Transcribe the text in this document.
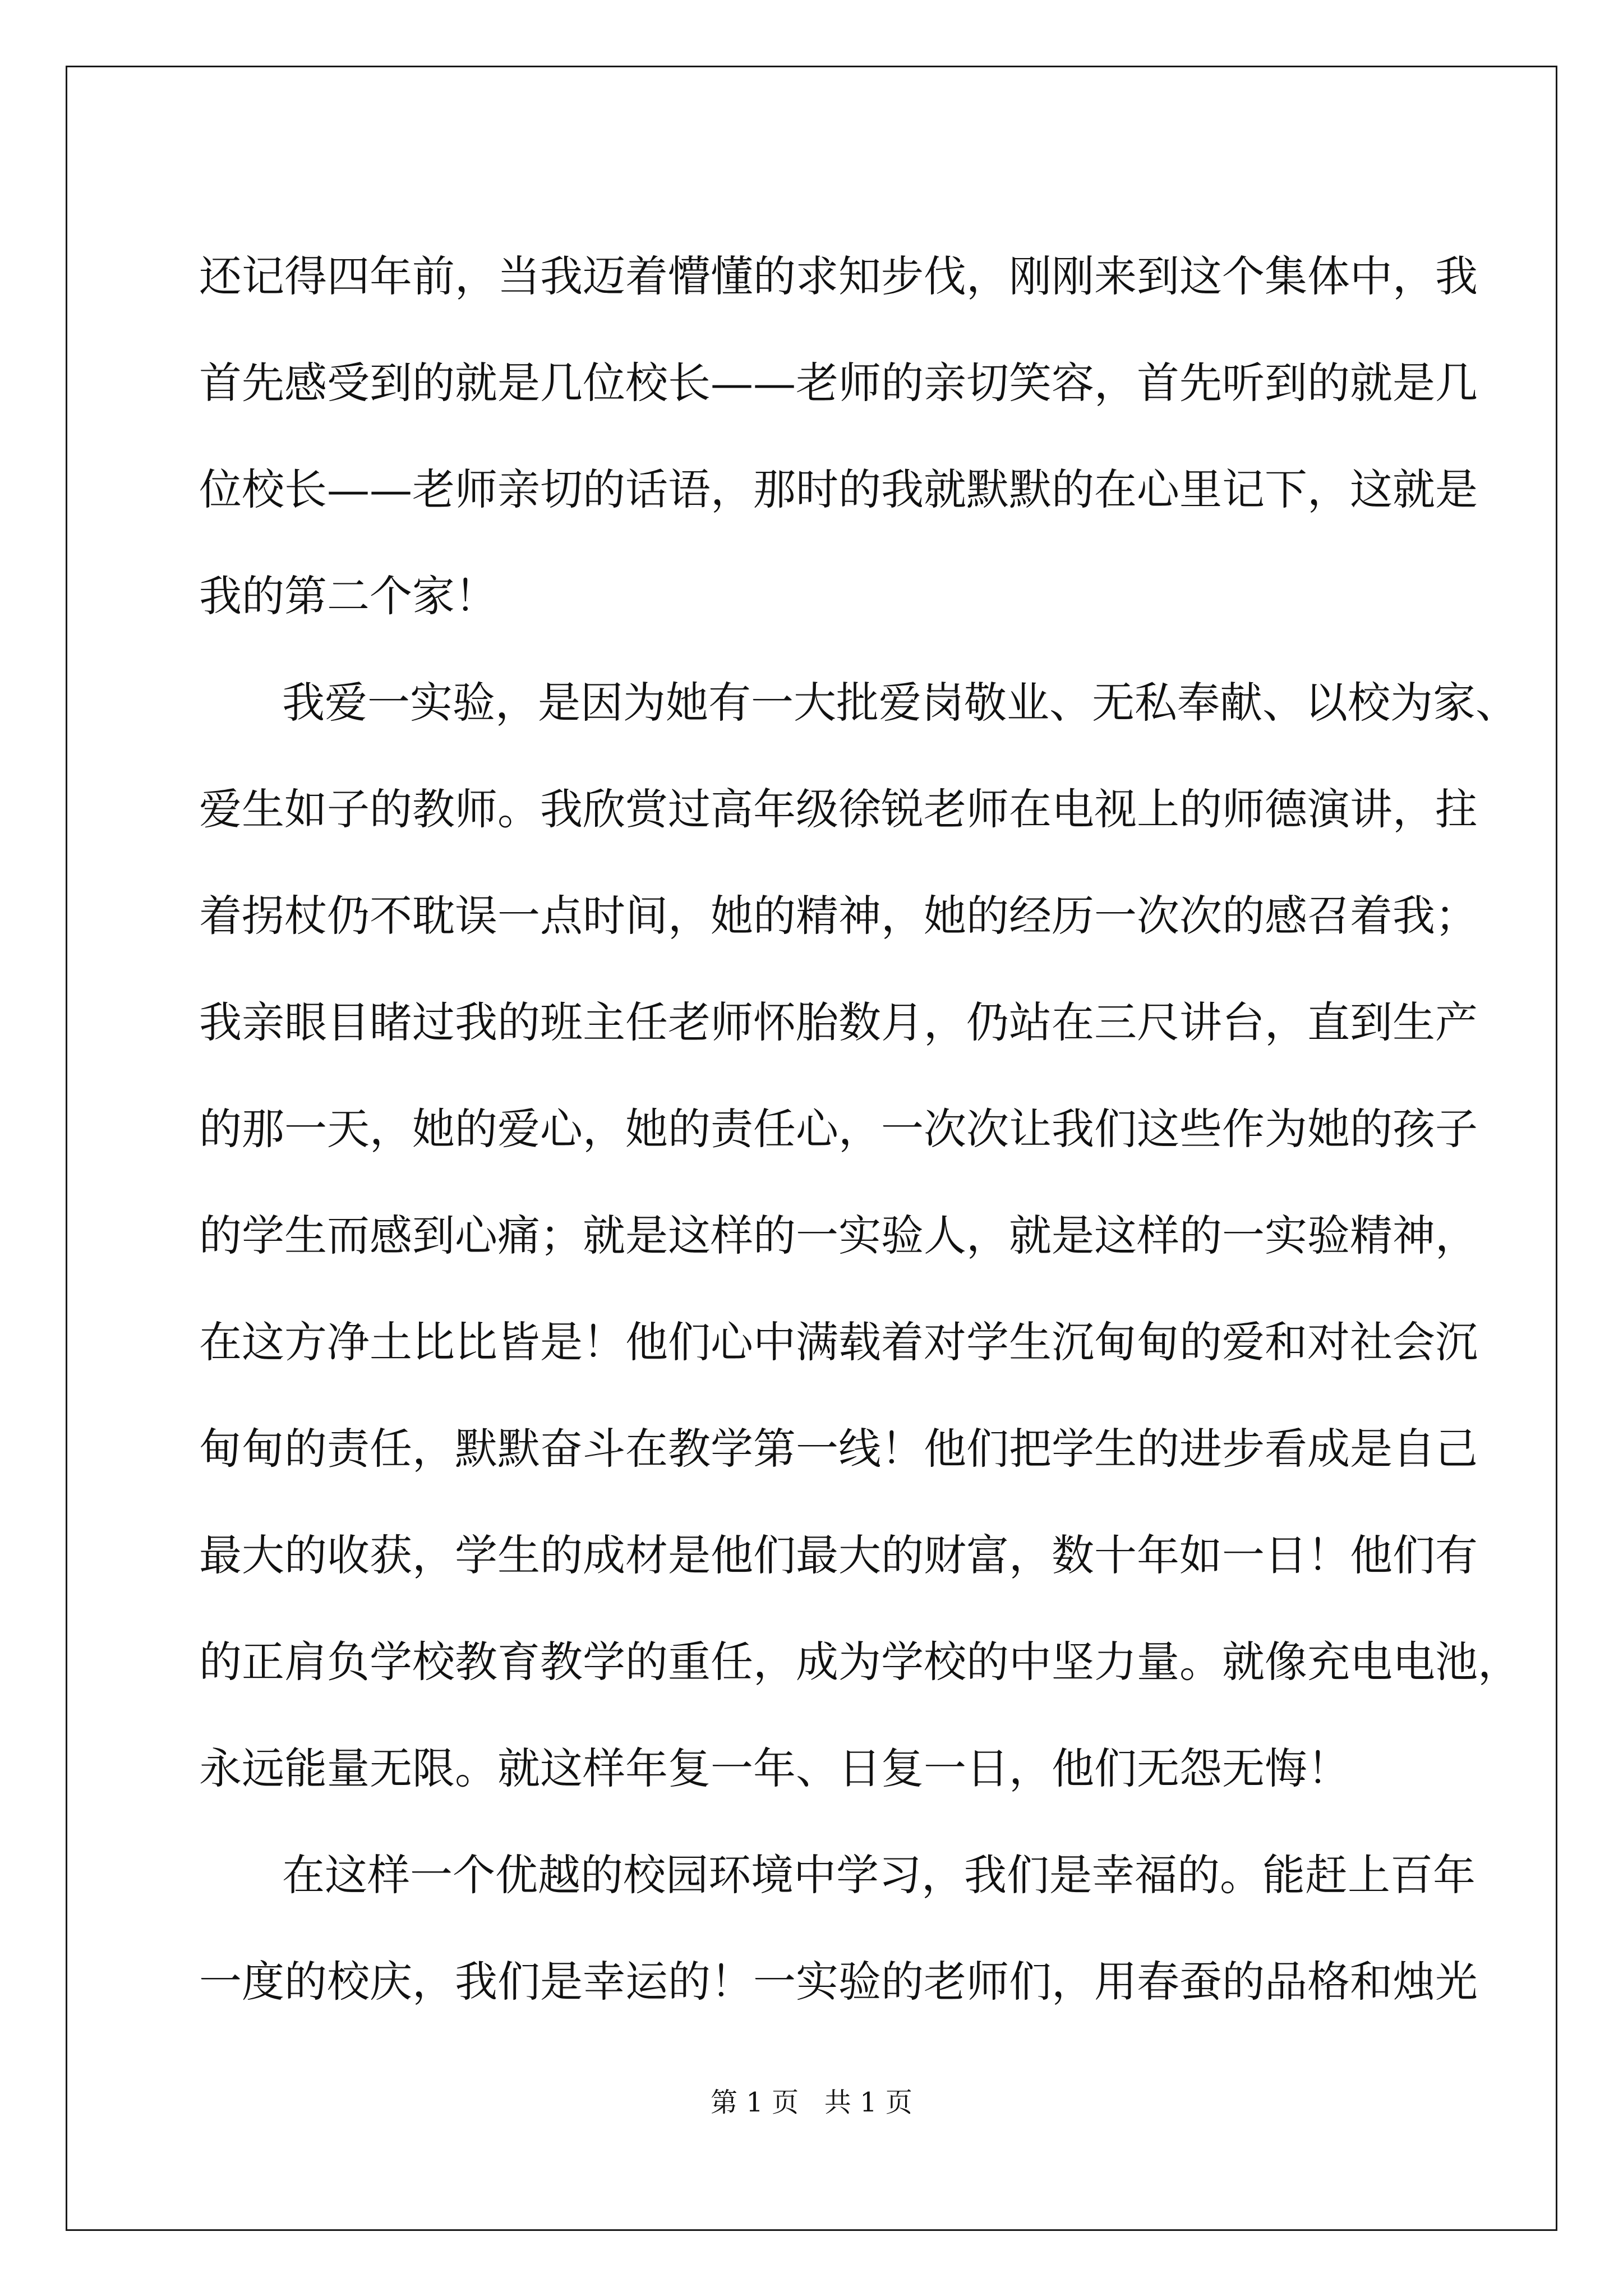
还记得四年前，当我迈着懵懂的求知步伐，刚刚来到这个集体中，我
首先感受到的就是几位校长——老师的亲切笑容，首先听到的就是几
位校长——老师亲切的话语，那时的我就默默的在心里记下，这就是
我的第二个家！
我爱一实验，是因为她有一大批爱岗敬业、无私奉献、以校为家、
爱生如子的教师。我欣赏过高年级徐锐老师在电视上的师德演讲，拄
着拐杖仍不耽误一点时间，她的精神，她的经历一次次的感召着我；
我亲眼目睹过我的班主任老师怀胎数月，仍站在三尺讲台，直到生产
的那一天，她的爱心，她的责任心，一次次让我们这些作为她的孩子
的学生而感到心痛；就是这样的一实验人，就是这样的一实验精神，
在这方净土比比皆是！他们心中满载着对学生沉甸甸的爱和对社会沉
甸甸的责任，默默奋斗在教学第一线！他们把学生的进步看成是自己
最大的收获，学生的成材是他们最大的财富，数十年如一日！他们有
的正肩负学校教育教学的重任，成为学校的中坚力量。就像充电电池，
永远能量无限。就这样年复一年、日复一日，他们无怨无悔！
在这样一个优越的校园环境中学习，我们是幸福的。能赶上百年
一度的校庆，我们是幸运的！一实验的老师们，用春蚕的品格和烛光
第 1 页   共 1 页
